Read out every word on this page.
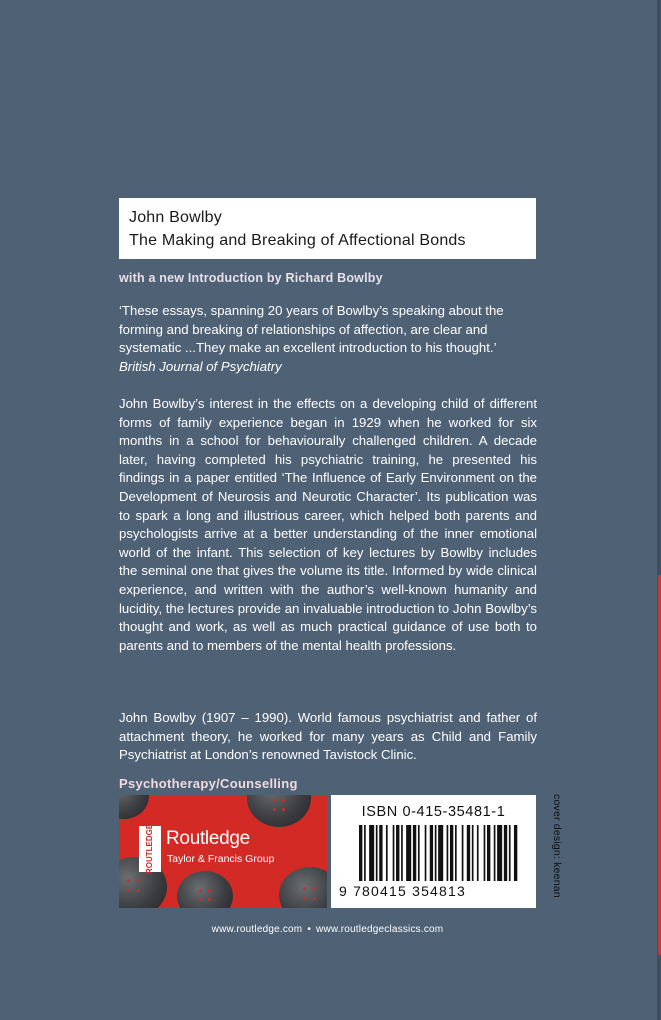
John Bowlby
The Making and Breaking of Affectional Bonds
with a new Introduction by Richard Bowlby
‘These essays, spanning 20 years of Bowlby’s speaking about the forming and breaking of relationships of affection, are clear and systematic ...They make an excellent introduction to his thought.’
British Journal of Psychiatry
John Bowlby’s interest in the effects on a developing child of different forms of family experience began in 1929 when he worked for six months in a school for behaviourally challenged children. A decade later, having completed his psychiatric training, he presented his findings in a paper entitled ‘The Influence of Early Environment on the Development of Neurosis and Neurotic Character’. Its publication was to spark a long and illustrious career, which helped both parents and psychologists arrive at a better understanding of the inner emotional world of the infant. This selection of key lectures by Bowlby includes the seminal one that gives the volume its title. Informed by wide clinical experience, and written with the author’s well-known humanity and lucidity, the lectures provide an invaluable introduction to John Bowlby’s thought and work, as well as much practical guidance of use both to parents and to members of the mental health professions.
John Bowlby (1907 – 1990). World famous psychiatrist and father of attachment theory, he worked for many years as Child and Family Psychiatrist at London’s renowned Tavistock Clinic.
Psychotherapy/Counselling
ROUTLEDGE Routledge
Taylor & Francis Group
ISBN 0-415-35481-1
9 780415 354813	cover design: keenan
www.routledge.com • www.routledgeclassics.com
